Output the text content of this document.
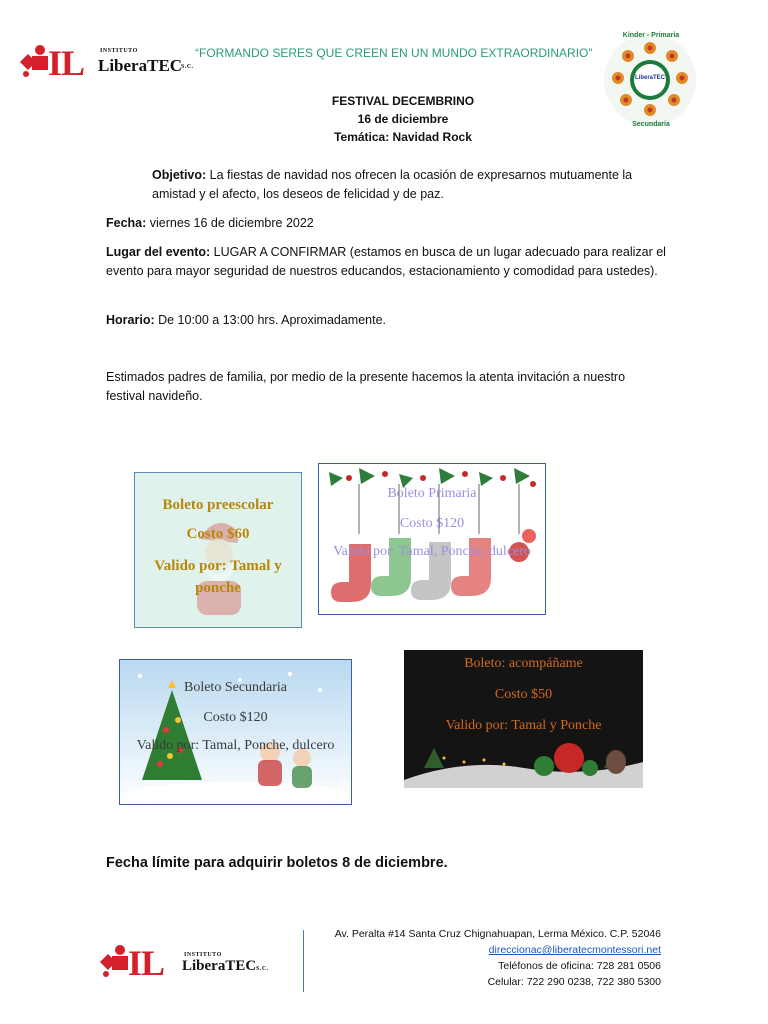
IL	INSTITUTO
LiberaTEC
S.C.
“FORMANDO SERES QUE CREEN EN UN MUNDO EXTRAORDINARIO”
Kinder - Primaria
LiberaTEC
Secundaria
FESTIVAL DECEMBRINO
16 de diciembre
Temática: Navidad Rock

Objetivo: La fiestas de navidad nos ofrecen la ocasión de expresarnos mutuamente la amistad y el afecto, los deseos de felicidad y de paz.

Fecha: viernes 16 de diciembre 2022

Lugar del evento: LUGAR A CONFIRMAR (estamos en busca de un lugar adecuado para realizar el evento para mayor seguridad de nuestros educandos, estacionamiento y comodidad para ustedes).

Horario: De 10:00 a 13:00 hrs. Aproximadamente.

Estimados padres de familia, por medio de la presente hacemos la atenta invitación a nuestro festival navideño.

Boleto preescolar
Costo $60
Valido por: Tamal y ponche
Boleto Primaria
Costo $120
Valido por: Tamal, Ponche, dulcero
Boleto Secundaria
Costo $120
Valido por: Tamal, Ponche, dulcero
Boleto: acompáñame
Costo $50
Valido por: Tamal y Ponche
Fecha límite para adquirir boletos 8 de diciembre.
IL	INSTITUTO
LiberaTEC S.C.
Av. Peralta #14 Santa Cruz Chignahuapan, Lerma México. C.P. 52046
direccionac@liberatecmontessori.net
Teléfonos de oficina: 728 281 0506
Celular: 722 290 0238, 722 380 5300
